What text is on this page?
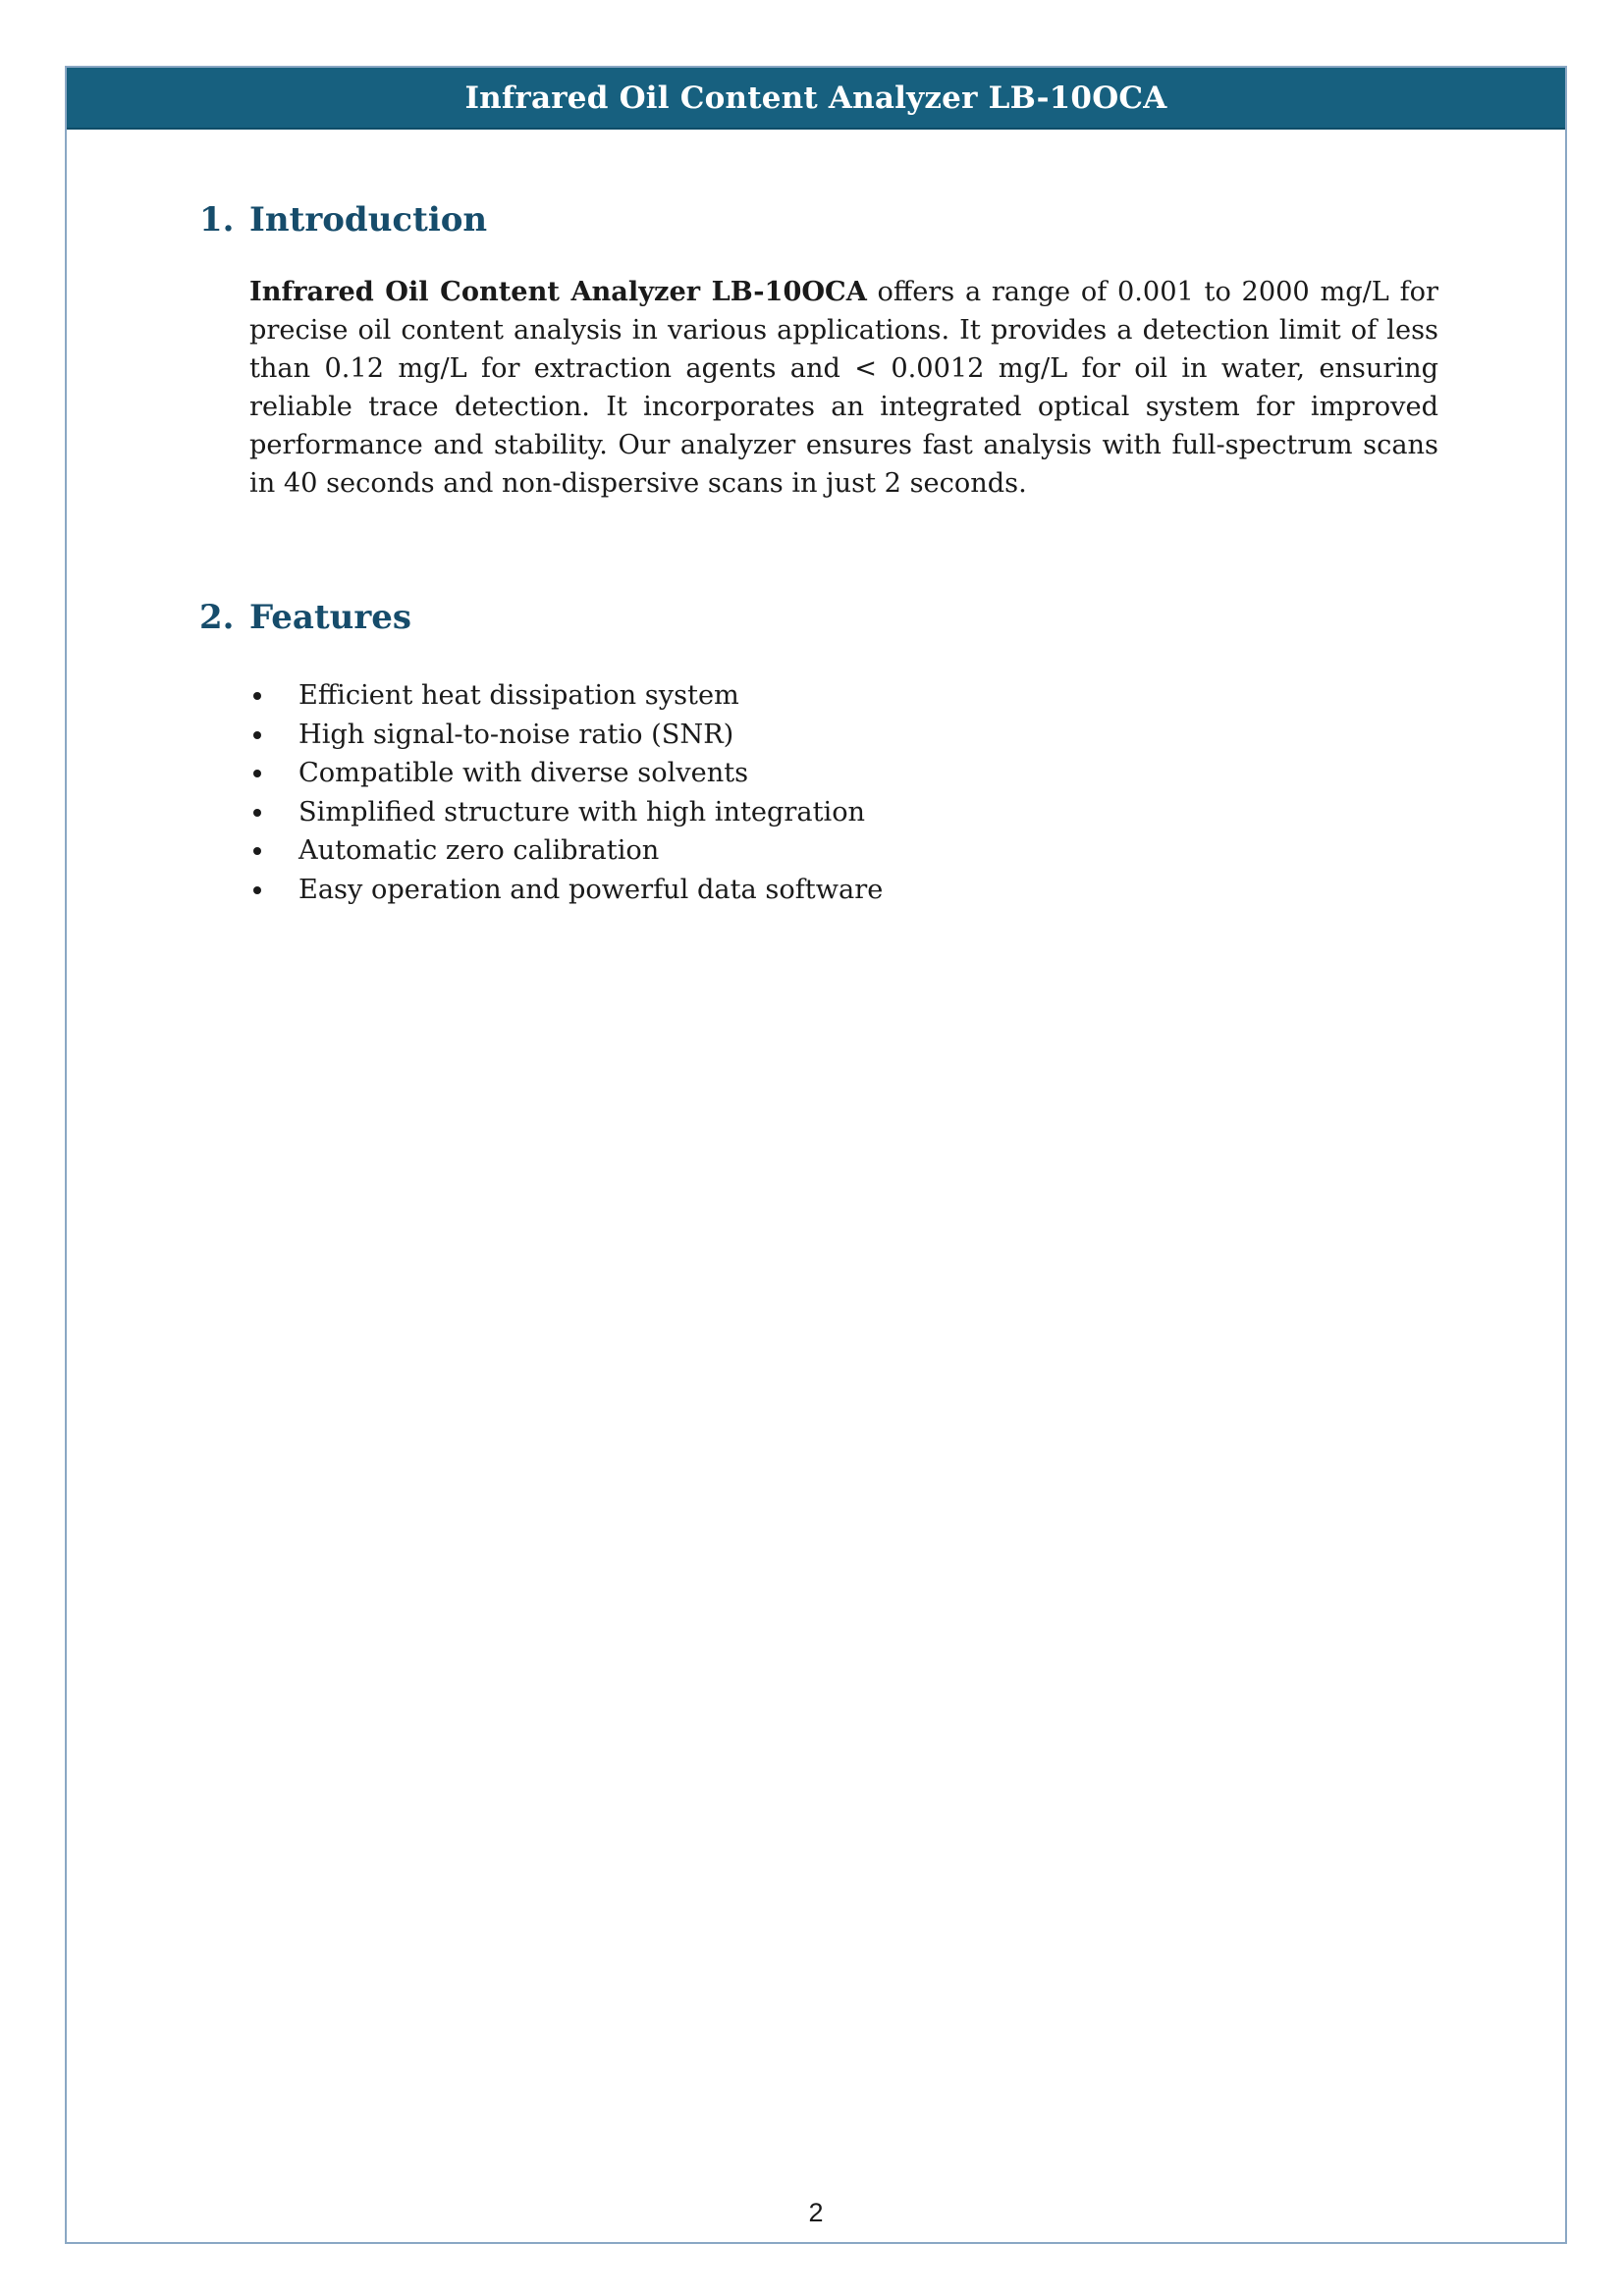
Infrared Oil Content Analyzer LB-10OCA
1. Introduction

Infrared Oil Content Analyzer LB-10OCA offers a range of 0.001 to 2000 mg/L for precise oil content analysis in various applications. It provides a detection limit of less than 0.12 mg/L for extraction agents and < 0.0012 mg/L for oil in water, ensuring reliable trace detection. It incorporates an integrated optical system for improved performance and stability. Our analyzer ensures fast analysis with full-spectrum scans in 40 seconds and non-dispersive scans in just 2 seconds.

2. Features
Efficient heat dissipation system
High signal-to-noise ratio (SNR)
Compatible with diverse solvents
Simplified structure with high integration
Automatic zero calibration
Easy operation and powerful data software
2
